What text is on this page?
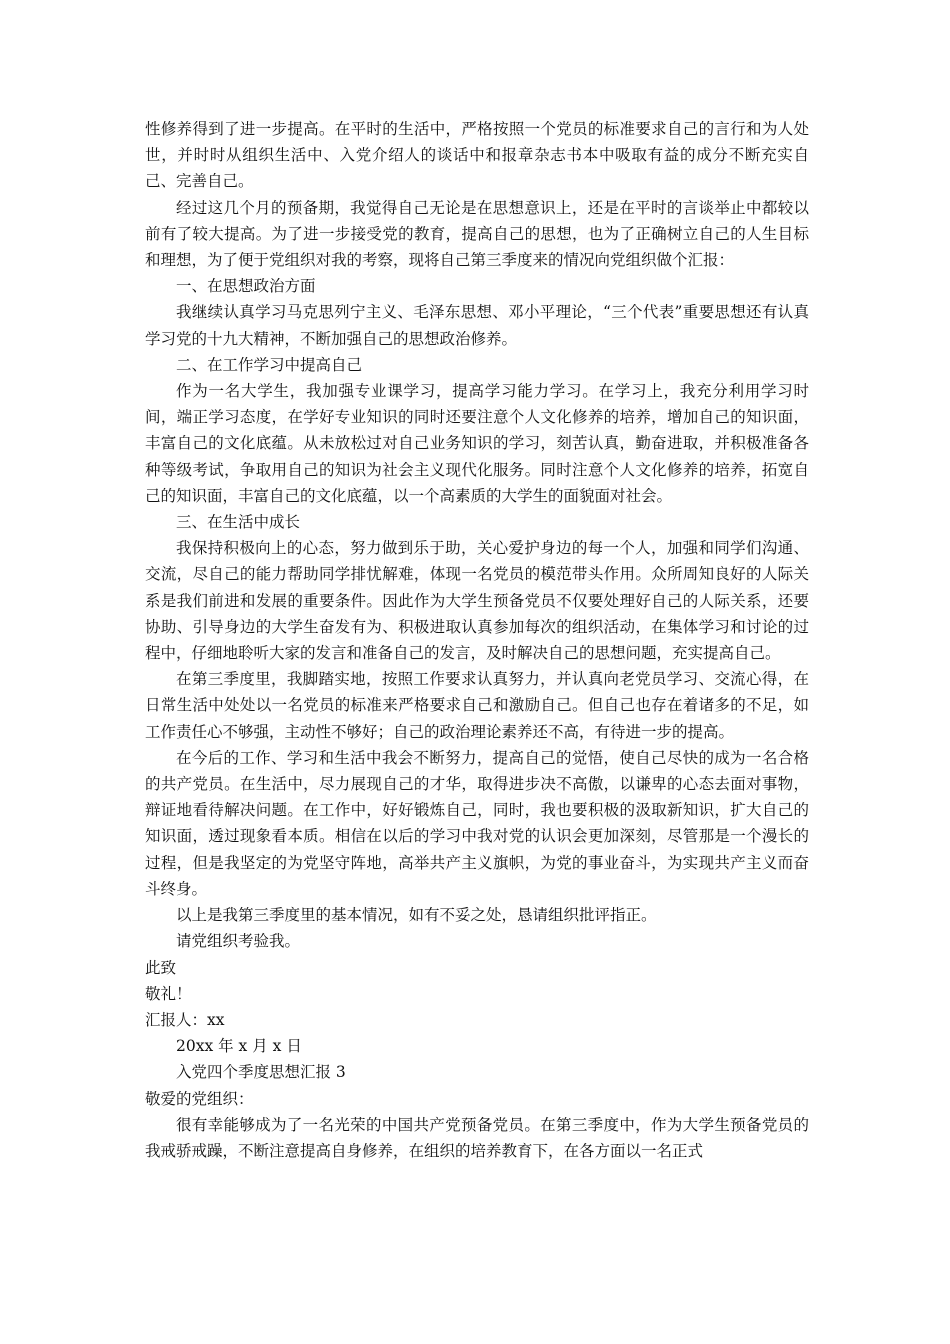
性修养得到了进一步提高。在平时的生活中，严格按照一个党员的标准要求自己的言行和为人处世，并时时从组织生活中、入党介绍人的谈话中和报章杂志书本中吸取有益的成分不断充实自己、完善自己。

经过这几个月的预备期，我觉得自己无论是在思想意识上，还是在平时的言谈举止中都较以前有了较大提高。为了进一步接受党的教育，提高自己的思想，也为了正确树立自己的人生目标和理想，为了便于党组织对我的考察，现将自己第三季度来的情况向党组织做个汇报：

一、在思想政治方面

我继续认真学习马克思列宁主义、毛泽东思想、邓小平理论，“三个代表”重要思想还有认真学习党的十九大精神，不断加强自己的思想政治修养。

二、在工作学习中提高自己

作为一名大学生，我加强专业课学习，提高学习能力学习。在学习上，我充分利用学习时间，端正学习态度，在学好专业知识的同时还要注意个人文化修养的培养，增加自己的知识面，丰富自己的文化底蕴。从未放松过对自己业务知识的学习，刻苦认真，勤奋进取，并积极准备各种等级考试，争取用自己的知识为社会主义现代化服务。同时注意个人文化修养的培养，拓宽自己的知识面，丰富自己的文化底蕴，以一个高素质的大学生的面貌面对社会。

三、在生活中成长

我保持积极向上的心态，努力做到乐于助，关心爱护身边的每一个人，加强和同学们沟通、交流，尽自己的能力帮助同学排忧解难，体现一名党员的模范带头作用。众所周知良好的人际关系是我们前进和发展的重要条件。因此作为大学生预备党员不仅要处理好自己的人际关系，还要协助、引导身边的大学生奋发有为、积极进取认真参加每次的组织活动，在集体学习和讨论的过程中，仔细地聆听大家的发言和准备自己的发言，及时解决自己的思想问题，充实提高自己。

在第三季度里，我脚踏实地，按照工作要求认真努力，并认真向老党员学习、交流心得，在日常生活中处处以一名党员的标准来严格要求自己和激励自己。但自己也存在着诸多的不足，如工作责任心不够强，主动性不够好；自己的政治理论素养还不高，有待进一步的提高。

在今后的工作、学习和生活中我会不断努力，提高自己的觉悟，使自己尽快的成为一名合格的共产党员。在生活中，尽力展现自己的才华，取得进步决不高傲，以谦卑的心态去面对事物，辩证地看待解决问题。在工作中，好好锻炼自己，同时，我也要积极的汲取新知识，扩大自己的知识面，透过现象看本质。相信在以后的学习中我对党的认识会更加深刻，尽管那是一个漫长的过程，但是我坚定的为党坚守阵地，高举共产主义旗帜，为党的事业奋斗，为实现共产主义而奋斗终身。

以上是我第三季度里的基本情况，如有不妥之处，恳请组织批评指正。

请党组织考验我。

此致

敬礼！

汇报人：xx

20xx 年 x 月 x 日

入党四个季度思想汇报 3

敬爱的党组织：

很有幸能够成为了一名光荣的中国共产党预备党员。在第三季度中，作为大学生预备党员的我戒骄戒躁，不断注意提高自身修养，在组织的培养教育下，在各方面以一名正式
